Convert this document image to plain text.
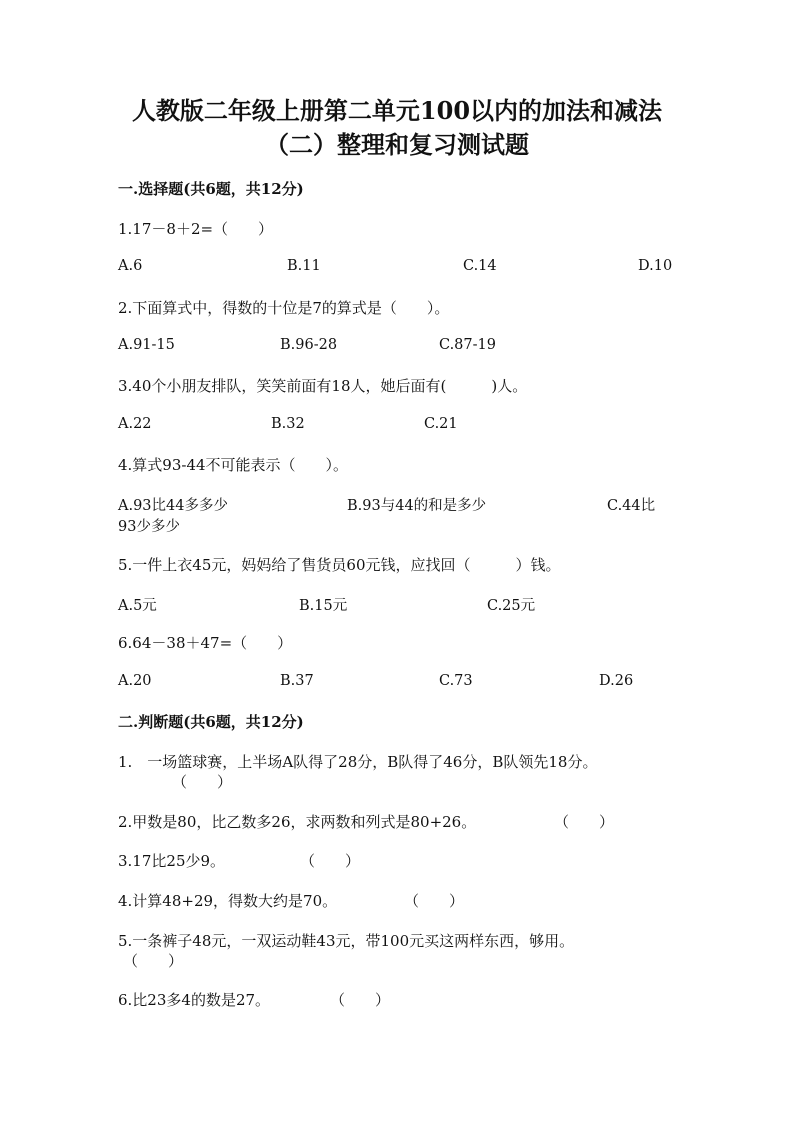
人教版二年级上册第二单元100以内的加法和减法
（二）整理和复习测试题
一.选择题(共6题，共12分)
1.17－8＋2=（　　）
A.6	B.11	C.14	D.10
2.下面算式中，得数的十位是7的算式是（　　）。
A.91-15	B.96-28	C.87-19
3.40个小朋友排队，笑笑前面有18人，她后面有(　　　)人。
A.22	B.32	C.21
4.算式93-44不可能表示（　　）。
A.93比44多多少	B.93与44的和是多少	C.44比
93少多少
5.一件上衣45元，妈妈给了售货员60元钱，应找回（　　　）钱。
A.5元	B.15元	C.25元
6.64－38＋47=（　　）
A.20	B.37	C.73	D.26
二.判断题(共6题，共12分)
1.　一场篮球赛，上半场A队得了28分，B队得了46分，B队领先18分。
（　　）
2.甲数是80，比乙数多26，求两数和列式是80+26。	（　　）
3.17比25少9。	（　　）
4.计算48+29，得数大约是70。	（　　）
5.一条裤子48元，一双运动鞋43元，带100元买这两样东西，够用。
（　　）
6.比23多4的数是27。	（　　）
